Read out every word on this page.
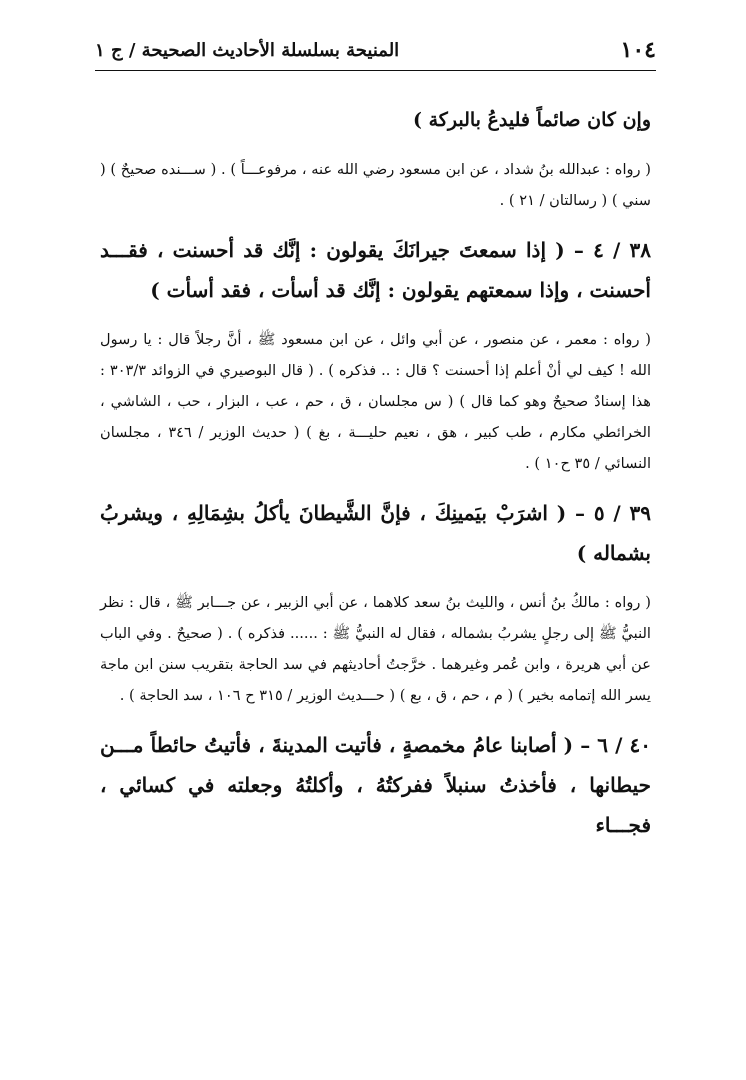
١٠٤
المنيحة بسلسلة الأحاديث الصحيحة / ج ١

وإن كان صائماً فليدعُ بالبركة )

( رواه : عبدالله بنُ شداد ، عن ابن مسعود رضي الله عنه ، مرفوعـــاً ) . ( ســـنده صحيحٌ ) ( سني ) ( رسالتان / ٢١ ) .

٣٨ / ٤ – ( إذا سمعتَ جيرانَكَ يقولون : إنَّك قد أحسنت ، فقـــد أحسنت ، وإذا سمعتهم يقولون : إنَّك قد أسأت ، فقد أسأت )

( رواه : معمر ، عن منصور ، عن أبي وائل ، عن ابن مسعود ﷺ ، أنَّ رجلاً قال : يا رسول الله ! كيف لي أنْ أعلم إذا أحسنت ؟ قال : .. فذكره ) . ( قال البوصيري في الزوائد ٣٠٣/٣ : هذا إسنادٌ صحيحٌ وهو كما قال ) ( س مجلسان ، ق ، حم ، عب ، البزار ، حب ، الشاشي ، الخرائطي مكارم ، طب كبير ، هق ، نعيم حليـــة ، بغ ) ( حديث الوزير / ٣٤٦ ، مجلسان النسائي / ٣٥ ح١٠ ) .

٣٩ / ٥ – ( اشرَبْ بيَمينِكَ ، فإنَّ الشَّيطانَ يأكلُ بشِمَالِهِ ، ويشربُ بشماله )

( رواه : مالكُ بنُ أنس ، والليث بنُ سعد كلاهما ، عن أبي الزبير ، عن جـــابر ﷺ ، قال : نظر النبيُّ ﷺ إلى رجلٍ يشربُ بشماله ، فقال له النبيُّ ﷺ : ...... فذكره ) . ( صحيحٌ . وفي الباب عن أبي هريرة ، وابن عُمر وغيرهما . خرَّجتُ أحاديثهم في سد الحاجة بتقريب سنن ابن ماجة يسر الله إتمامه بخير ) ( م ، حم ، ق ، بع ) ( حـــديث الوزير / ٣١٥ ح ١٠٦ ، سد الحاجة ) .

٤٠ / ٦ – ( أصابنا عامُ مخمصةٍ ، فأتيت المدينةَ ، فأتيتُ حائطاً مـــن حيطانها ، فأخذتُ سنبلاً ففركتُهُ ، وأكلتُهُ وجعلته في كسائي ، فجـــاء
